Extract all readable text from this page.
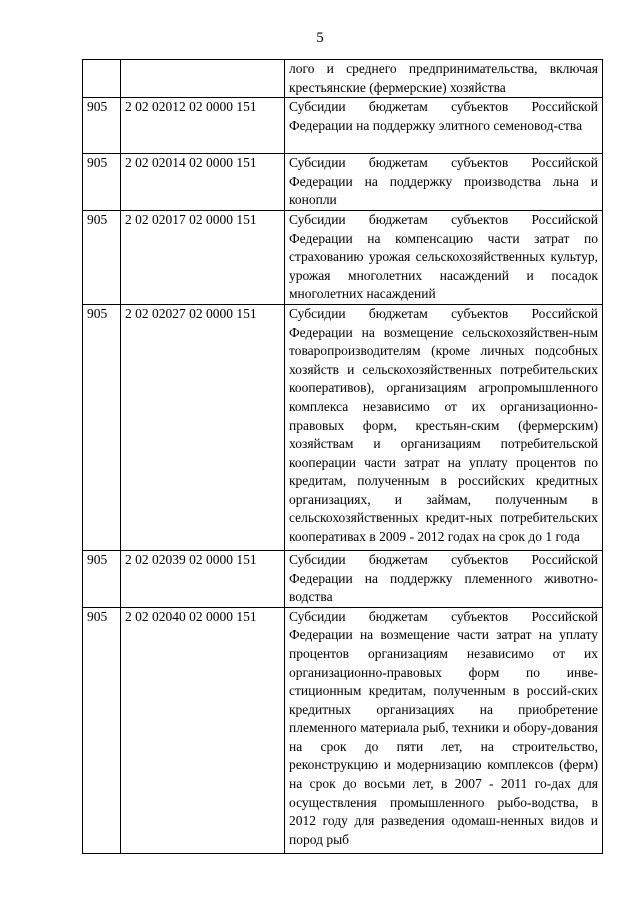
5
		лого и среднего предпринимательства, включая крестьянские (фермерские) хозяйства
905	2 02 02012 02 0000 151	Субсидии бюджетам субъектов Российской Федерации на поддержку элитного семеновод-ства
905	2 02 02014 02 0000 151	Субсидии бюджетам субъектов Российской Федерации на поддержку производства льна и конопли
905	2 02 02017 02 0000 151	Субсидии бюджетам субъектов Российской Федерации на компенсацию части затрат по страхованию урожая сельскохозяйственных культур, урожая многолетних насаждений и посадок многолетних насаждений
905	2 02 02027 02 0000 151	Субсидии бюджетам субъектов Российской Федерации на возмещение сельскохозяйствен-ным товаропроизводителям (кроме личных подсобных хозяйств и сельскохозяйственных потребительских кооперативов), организациям агропромышленного комплекса независимо от их организационно-правовых форм, крестьян-ским (фермерским) хозяйствам и организациям потребительской кооперации части затрат на уплату процентов по кредитам, полученным в российских кредитных организациях, и займам, полученным в сельскохозяйственных кредит-ных потребительских кооперативах в 2009 - 2012 годах на срок до 1 года
905	2 02 02039 02 0000 151	Субсидии бюджетам субъектов Российской Федерации на поддержку племенного животно-водства
905	2 02 02040 02 0000 151	Субсидии бюджетам субъектов Российской Федерации на возмещение части затрат на уплату процентов организациям независимо от их организационно-правовых форм по инве-стиционным кредитам, полученным в россий-ских кредитных организациях на приобретение племенного материала рыб, техники и обору-дования на срок до пяти лет, на строительство, реконструкцию и модернизацию комплексов (ферм) на срок до восьми лет, в 2007 - 2011 го-дах для осуществления промышленного рыбо-водства, в 2012 году для разведения одомаш-ненных видов и пород рыб
